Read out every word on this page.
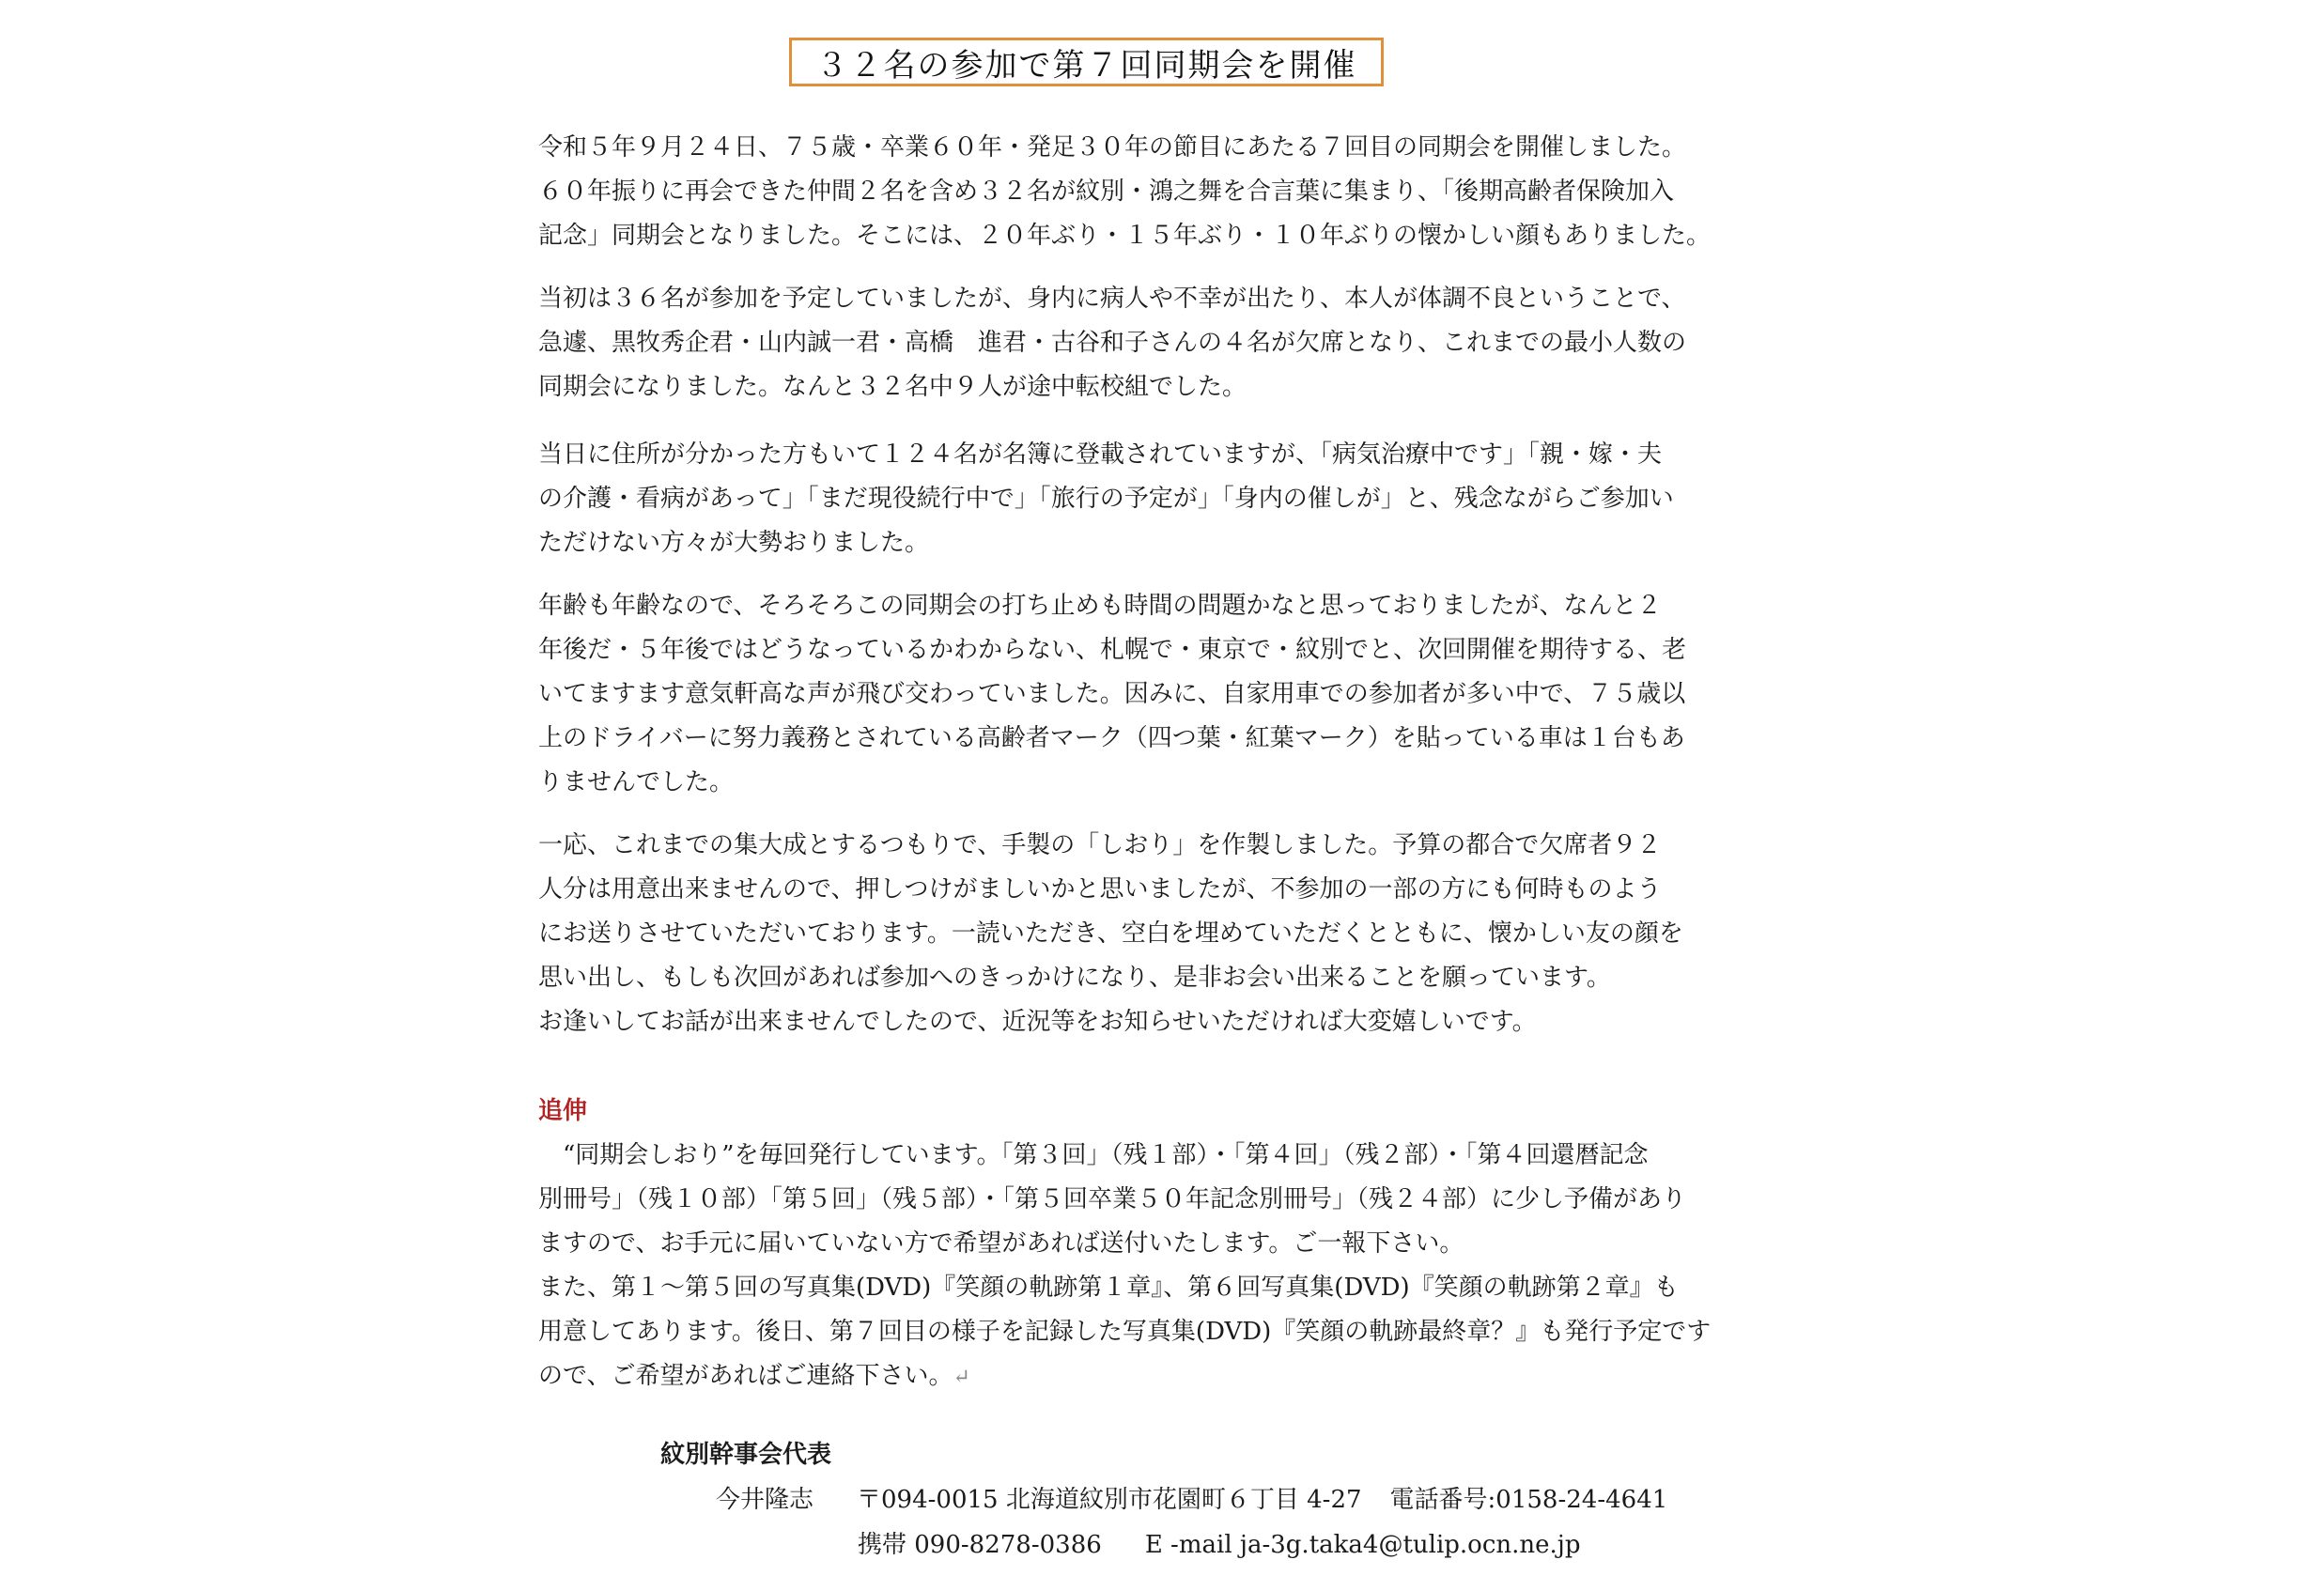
３２名の参加で第７回同期会を開催

令和５年９月２４日、７５歳・卒業６０年・発足３０年の節目にあたる７回目の同期会を開催しました。
６０年振りに再会できた仲間２名を含め３２名が紋別・鴻之舞を合言葉に集まり、「後期高齢者保険加入
記念」同期会となりました。そこには、２０年ぶり・１５年ぶり・１０年ぶりの懐かしい顔もありました。

当初は３６名が参加を予定していましたが、身内に病人や不幸が出たり、本人が体調不良ということで、
急遽、黒牧秀企君・山内誠一君・高橋　進君・古谷和子さんの４名が欠席となり、これまでの最小人数の
同期会になりました。なんと３２名中９人が途中転校組でした。

当日に住所が分かった方もいて１２４名が名簿に登載されていますが、「病気治療中です」「親・嫁・夫
の介護・看病があって」「まだ現役続行中で」「旅行の予定が」「身内の催しが」と、残念ながらご参加い
ただけない方々が大勢おりました。

年齢も年齢なので、そろそろこの同期会の打ち止めも時間の問題かなと思っておりましたが、なんと２
年後だ・５年後ではどうなっているかわからない、札幌で・東京で・紋別でと、次回開催を期待する、老
いてますます意気軒高な声が飛び交わっていました。因みに、自家用車での参加者が多い中で、７５歳以
上のドライバーに努力義務とされている高齢者マーク（四つ葉・紅葉マーク）を貼っている車は１台もあ
りませんでした。

一応、これまでの集大成とするつもりで、手製の「しおり」を作製しました。予算の都合で欠席者９２
人分は用意出来ませんので、押しつけがましいかと思いましたが、不参加の一部の方にも何時ものよう
にお送りさせていただいております。一読いただき、空白を埋めていただくとともに、懐かしい友の顔を
思い出し、もしも次回があれば参加へのきっかけになり、是非お会い出来ることを願っています。
お逢いしてお話が出来ませんでしたので、近況等をお知らせいただければ大変嬉しいです。

追伸

　“同期会しおり”を毎回発行しています。「第３回」（残１部）・「第４回」（残２部）・「第４回還暦記念
別冊号」（残１０部）「第５回」（残５部）・「第５回卒業５０年記念別冊号」（残２４部）に少し予備があり
ますので、お手元に届いていない方で希望があれば送付いたします。ご一報下さい。
また、第１～第５回の写真集(DVD)『笑顔の軌跡第１章』、第６回写真集(DVD)『笑顔の軌跡第２章』も
用意してあります。後日、第７回目の様子を記録した写真集(DVD)『笑顔の軌跡最終章？』も発行予定です
ので、ご希望があればご連絡下さい。↵

紋別幹事会代表
今井隆志 〒094-0015 北海道紋別市花園町６丁目 4-27 電話番号:0158-24-4641
携帯 090-8278-0386 E -mail ja-3g.taka4@tulip.ocn.ne.jp
